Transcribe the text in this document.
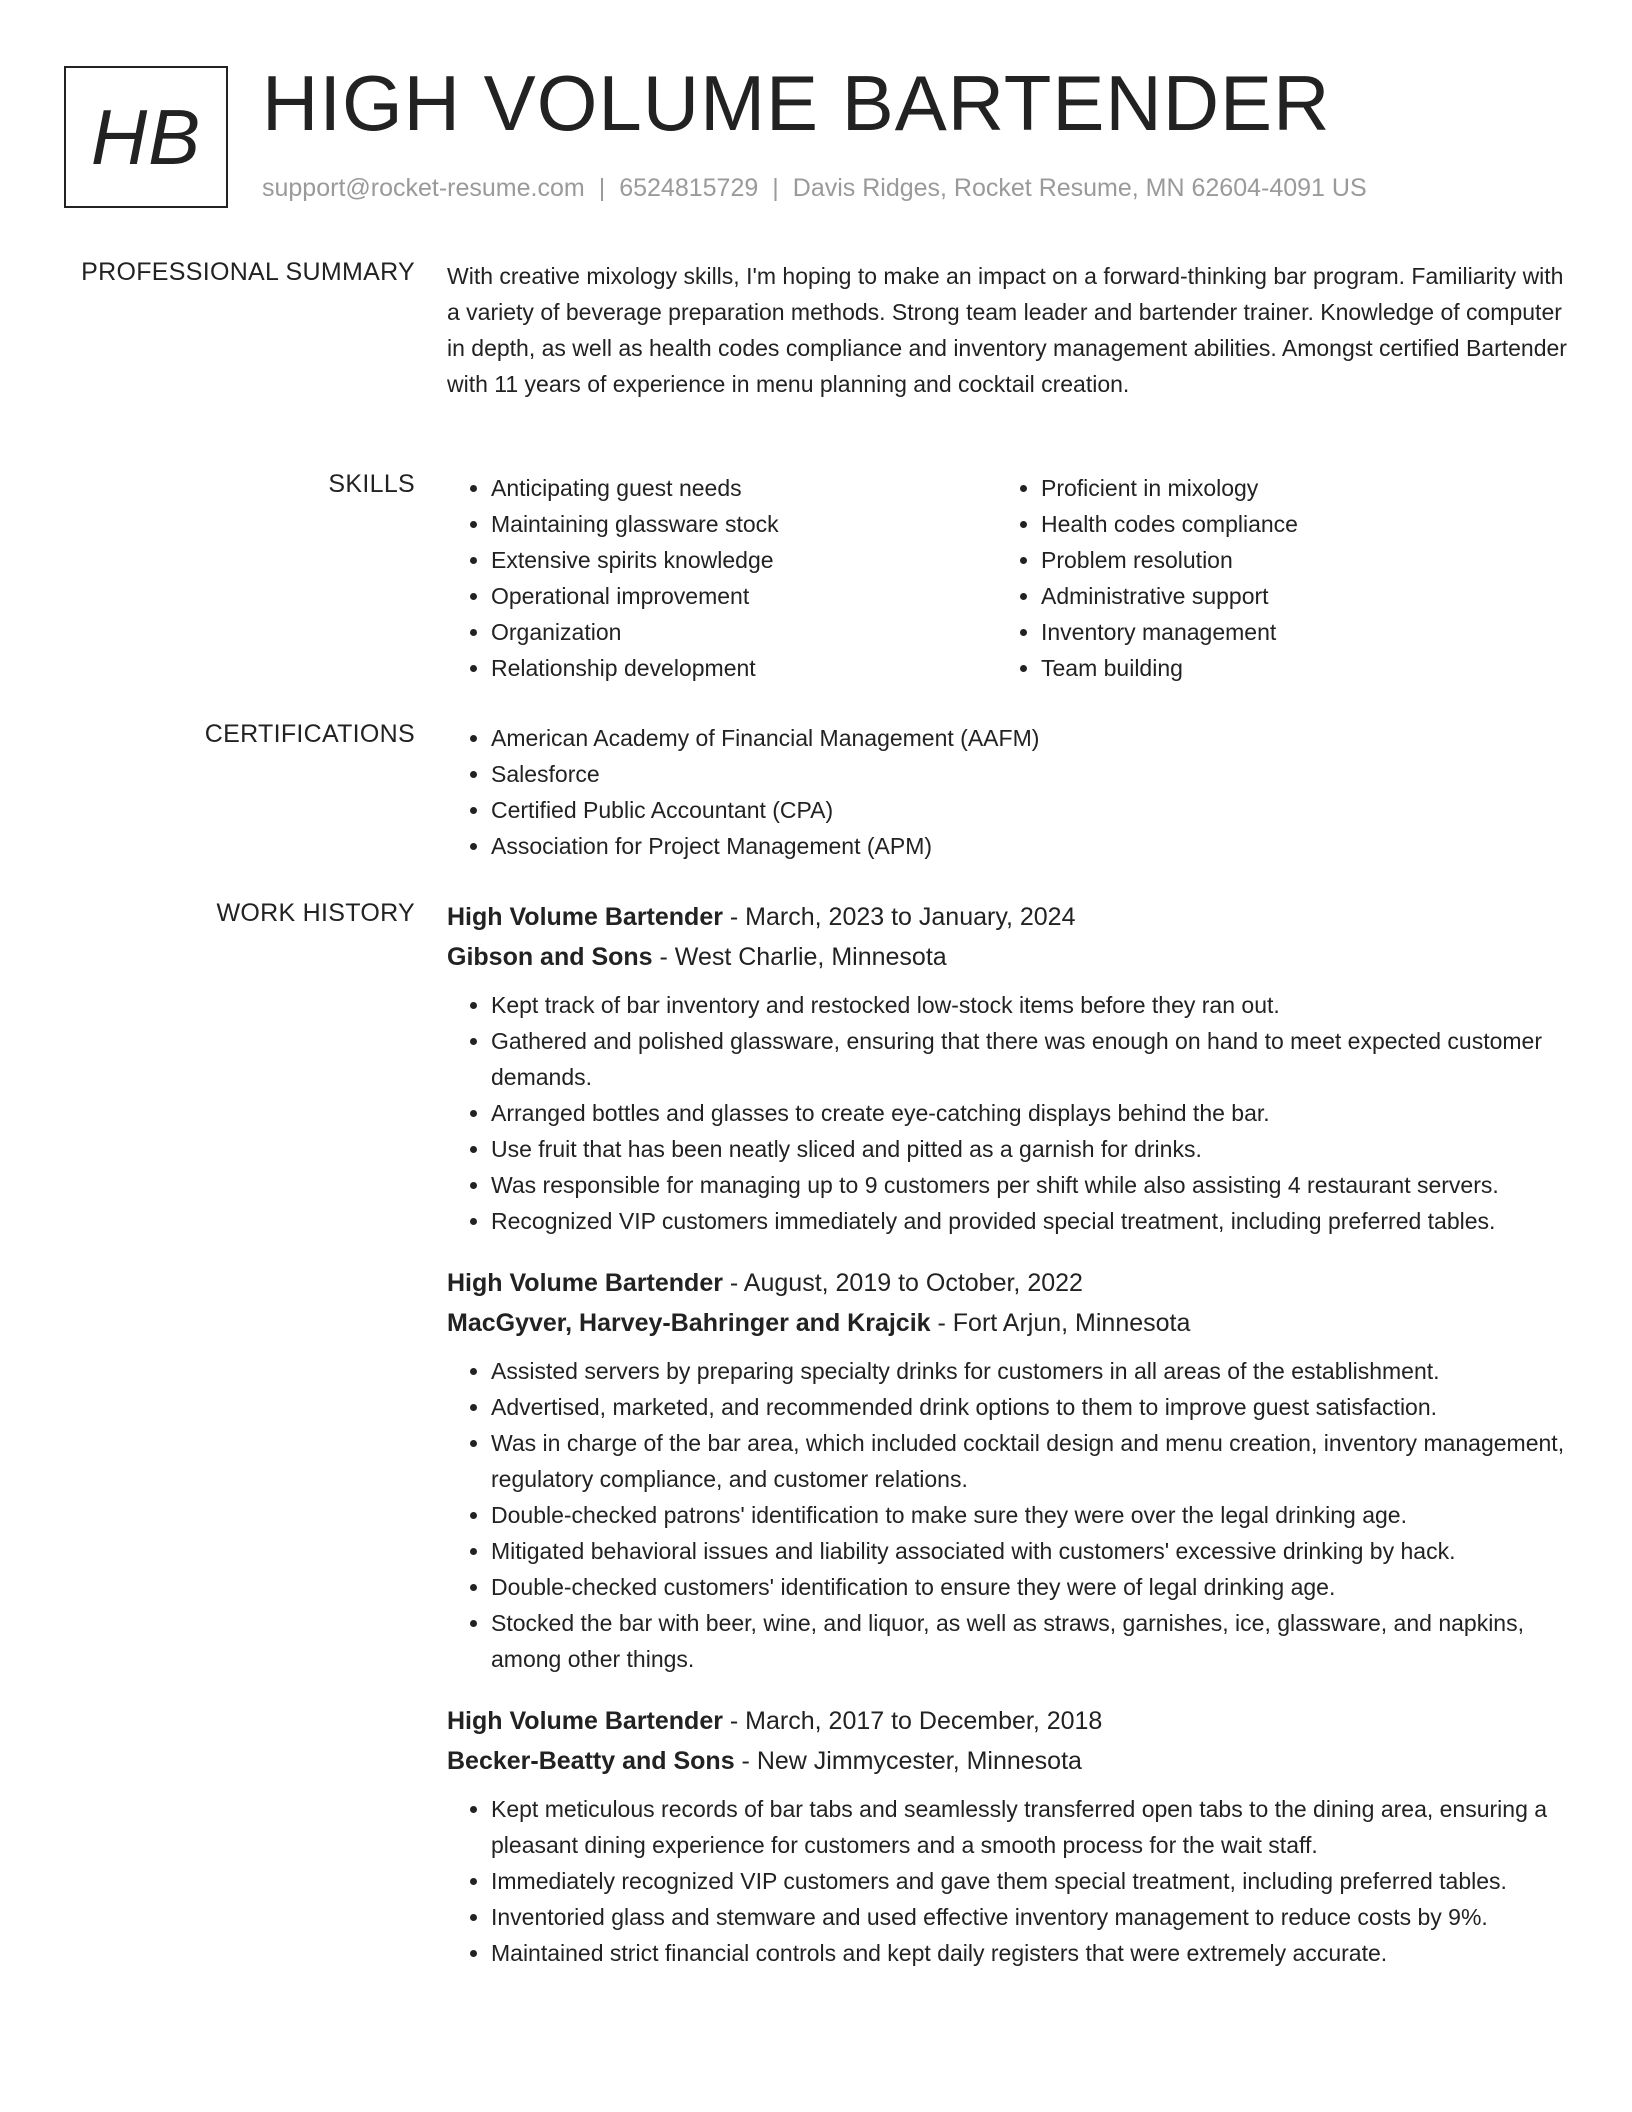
HB HIGH VOLUME BARTENDER
support@rocket-resume.com | 6524815729 | Davis Ridges, Rocket Resume, MN 62604-4091 US
PROFESSIONAL SUMMARY With creative mixology skills, I'm hoping to make an impact on a forward-thinking bar program. Familiarity with a variety of beverage preparation methods. Strong team leader and bartender trainer. Knowledge of computer in depth, as well as health codes compliance and inventory management abilities. Amongst certified Bartender with 11 years of experience in menu planning and cocktail creation.

SKILLS	• Anticipating guest needs
• Maintaining glassware stock
• Extensive spirits knowledge
• Operational improvement
• Organization
• Relationship development
• Proficient in mixology
• Health codes compliance
• Problem resolution
• Administrative support
• Inventory management
• Team building
CERTIFICATIONS	• American Academy of Financial Management (AAFM)
• Salesforce
• Certified Public Accountant (CPA)
• Association for Project Management (APM)
WORK HISTORY High Volume Bartender - March, 2023 to January, 2024
Gibson and Sons - West Charlie, Minnesota
• Kept track of bar inventory and restocked low-stock items before they ran out.
• Gathered and polished glassware, ensuring that there was enough on hand to meet expected customer demands.
• Arranged bottles and glasses to create eye-catching displays behind the bar.
• Use fruit that has been neatly sliced and pitted as a garnish for drinks.
• Was responsible for managing up to 9 customers per shift while also assisting 4 restaurant servers.
• Recognized VIP customers immediately and provided special treatment, including preferred tables.
High Volume Bartender - August, 2019 to October, 2022
MacGyver, Harvey-Bahringer and Krajcik - Fort Arjun, Minnesota
• Assisted servers by preparing specialty drinks for customers in all areas of the establishment.
• Advertised, marketed, and recommended drink options to them to improve guest satisfaction.
• Was in charge of the bar area, which included cocktail design and menu creation, inventory management, regulatory compliance, and customer relations.
• Double-checked patrons' identification to make sure they were over the legal drinking age.
• Mitigated behavioral issues and liability associated with customers' excessive drinking by hack.
• Double-checked customers' identification to ensure they were of legal drinking age.
• Stocked the bar with beer, wine, and liquor, as well as straws, garnishes, ice, glassware, and napkins, among other things.
High Volume Bartender - March, 2017 to December, 2018
Becker-Beatty and Sons - New Jimmycester, Minnesota
• Kept meticulous records of bar tabs and seamlessly transferred open tabs to the dining area, ensuring a pleasant dining experience for customers and a smooth process for the wait staff.
• Immediately recognized VIP customers and gave them special treatment, including preferred tables.
• Inventoried glass and stemware and used effective inventory management to reduce costs by 9%.
• Maintained strict financial controls and kept daily registers that were extremely accurate.
